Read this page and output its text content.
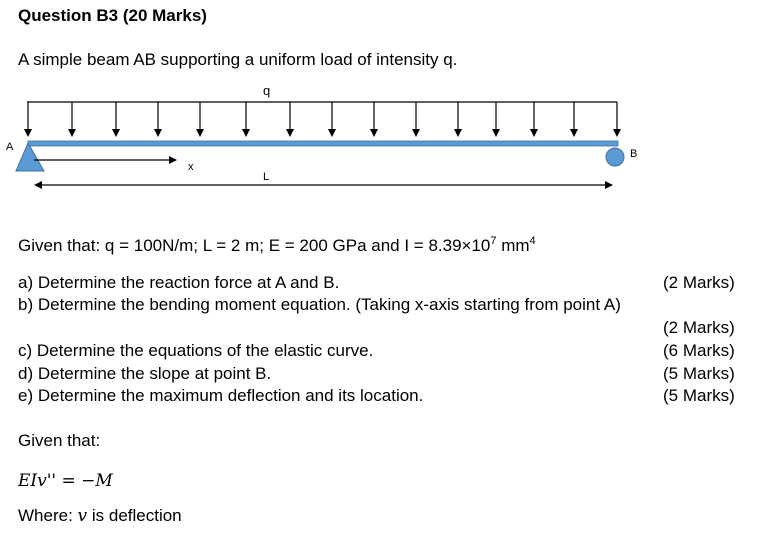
Question B3 (20 Marks)
A simple beam AB supporting a uniform load of intensity q.
q
A
B
x
L
Given that: q = 100N/m; L = 2 m; E = 200 GPa and $I = 8.39\times 10^7$ $mm^4$
a) Determine the reaction force at A and B.	(2 Marks)
b) Determine the bending moment equation. (Taking x-axis starting from point A)
(2 Marks)
c) Determine the equations of the elastic curve.	(6 Marks)
d) Determine the slope at point B.	(5 Marks)
e) Determine the maximum deflection and its location.	(5 Marks)
Given that:
EIv'' = −M
Where: v is deflection
